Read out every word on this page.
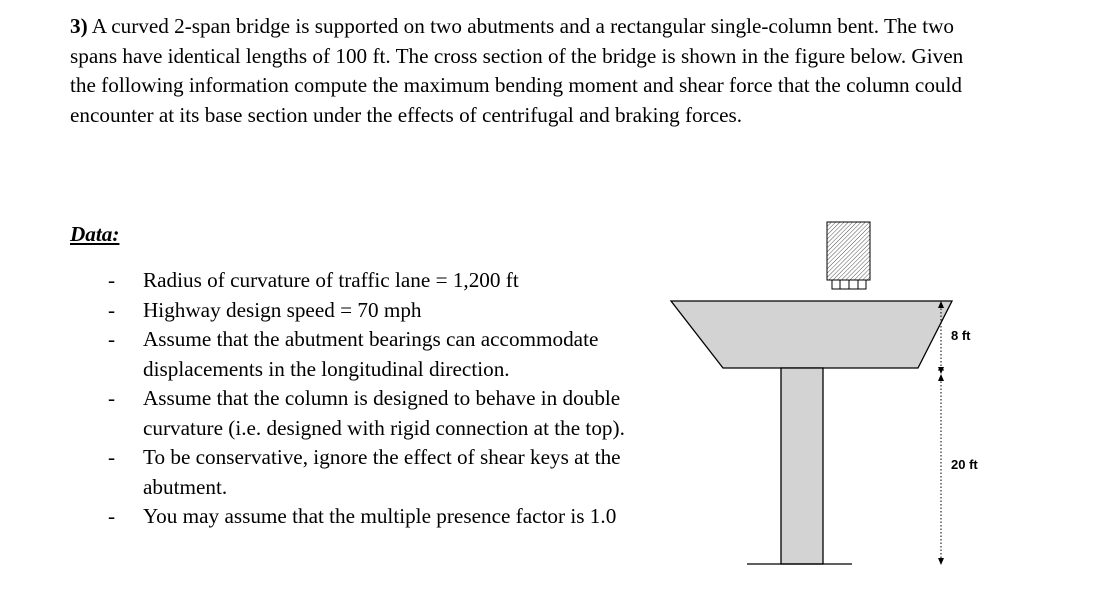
3) A curved 2-span bridge is supported on two abutments and a rectangular single-column bent. The two spans have identical lengths of 100 ft. The cross section of the bridge is shown in the figure below. Given the following information compute the maximum bending moment and shear force that the column could encounter at its base section under the effects of centrifugal and braking forces.

Data:
- Radius of curvature of traffic lane = 1,200 ft
- Highway design speed = 70 mph
- Assume that the abutment bearings can accommodate displacements in the longitudinal direction.
- Assume that the column is designed to behave in double curvature (i.e. designed with rigid connection at the top).
- To be conservative, ignore the effect of shear keys at the abutment.
- You may assume that the multiple presence factor is 1.0
8 ft
20 ft
